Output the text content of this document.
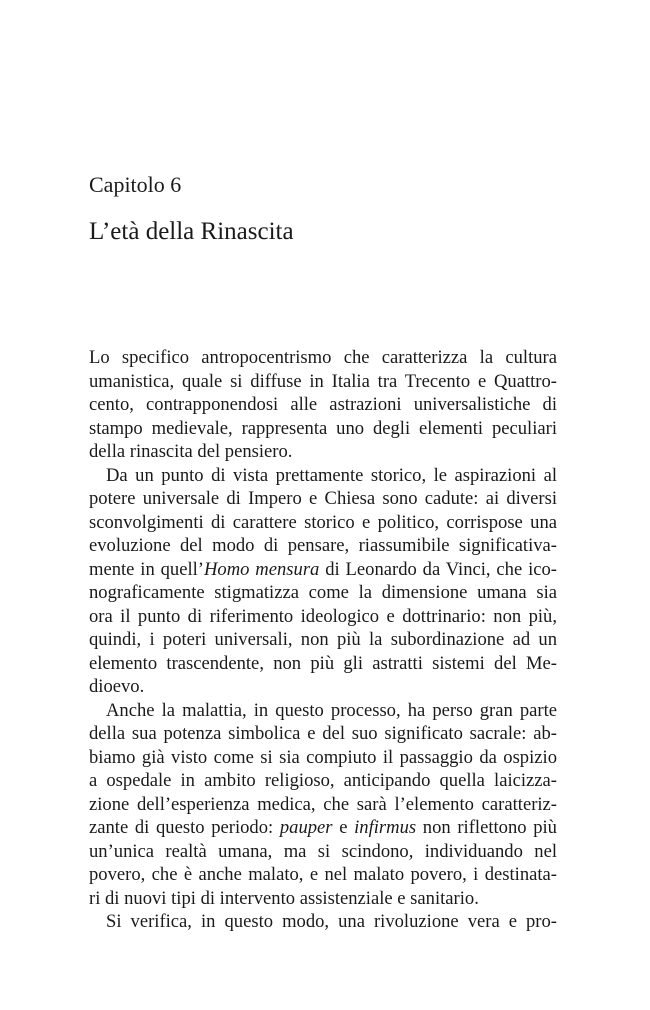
Capitolo 6
L’età della Rinascita
Lo specifico antropocentrismo che caratterizza la cultura
umanistica, quale si diffuse in Italia tra Trecento e Quattro-
cento, contrapponendosi alle astrazioni universalistiche di
stampo medievale, rappresenta uno degli elementi peculiari
della rinascita del pensiero.
Da un punto di vista prettamente storico, le aspirazioni al
potere universale di Impero e Chiesa sono cadute: ai diversi
sconvolgimenti di carattere storico e politico, corrispose una
evoluzione del modo di pensare, riassumibile significativa-
mente in quell’Homo mensura di Leonardo da Vinci, che ico-
nograficamente stigmatizza come la dimensione umana sia
ora il punto di riferimento ideologico e dottrinario: non più,
quindi, i poteri universali, non più la subordinazione ad un
elemento trascendente, non più gli astratti sistemi del Me-
dioevo.
Anche la malattia, in questo processo, ha perso gran parte
della sua potenza simbolica e del suo significato sacrale: ab-
biamo già visto come si sia compiuto il passaggio da ospizio
a ospedale in ambito religioso, anticipando quella laicizza-
zione dell’esperienza medica, che sarà l’elemento caratteriz-
zante di questo periodo: pauper e infirmus non riflettono più
un’unica realtà umana, ma si scindono, individuando nel
povero, che è anche malato, e nel malato povero, i destinata-
ri di nuovi tipi di intervento assistenziale e sanitario.
Si verifica, in questo modo, una rivoluzione vera e pro-
